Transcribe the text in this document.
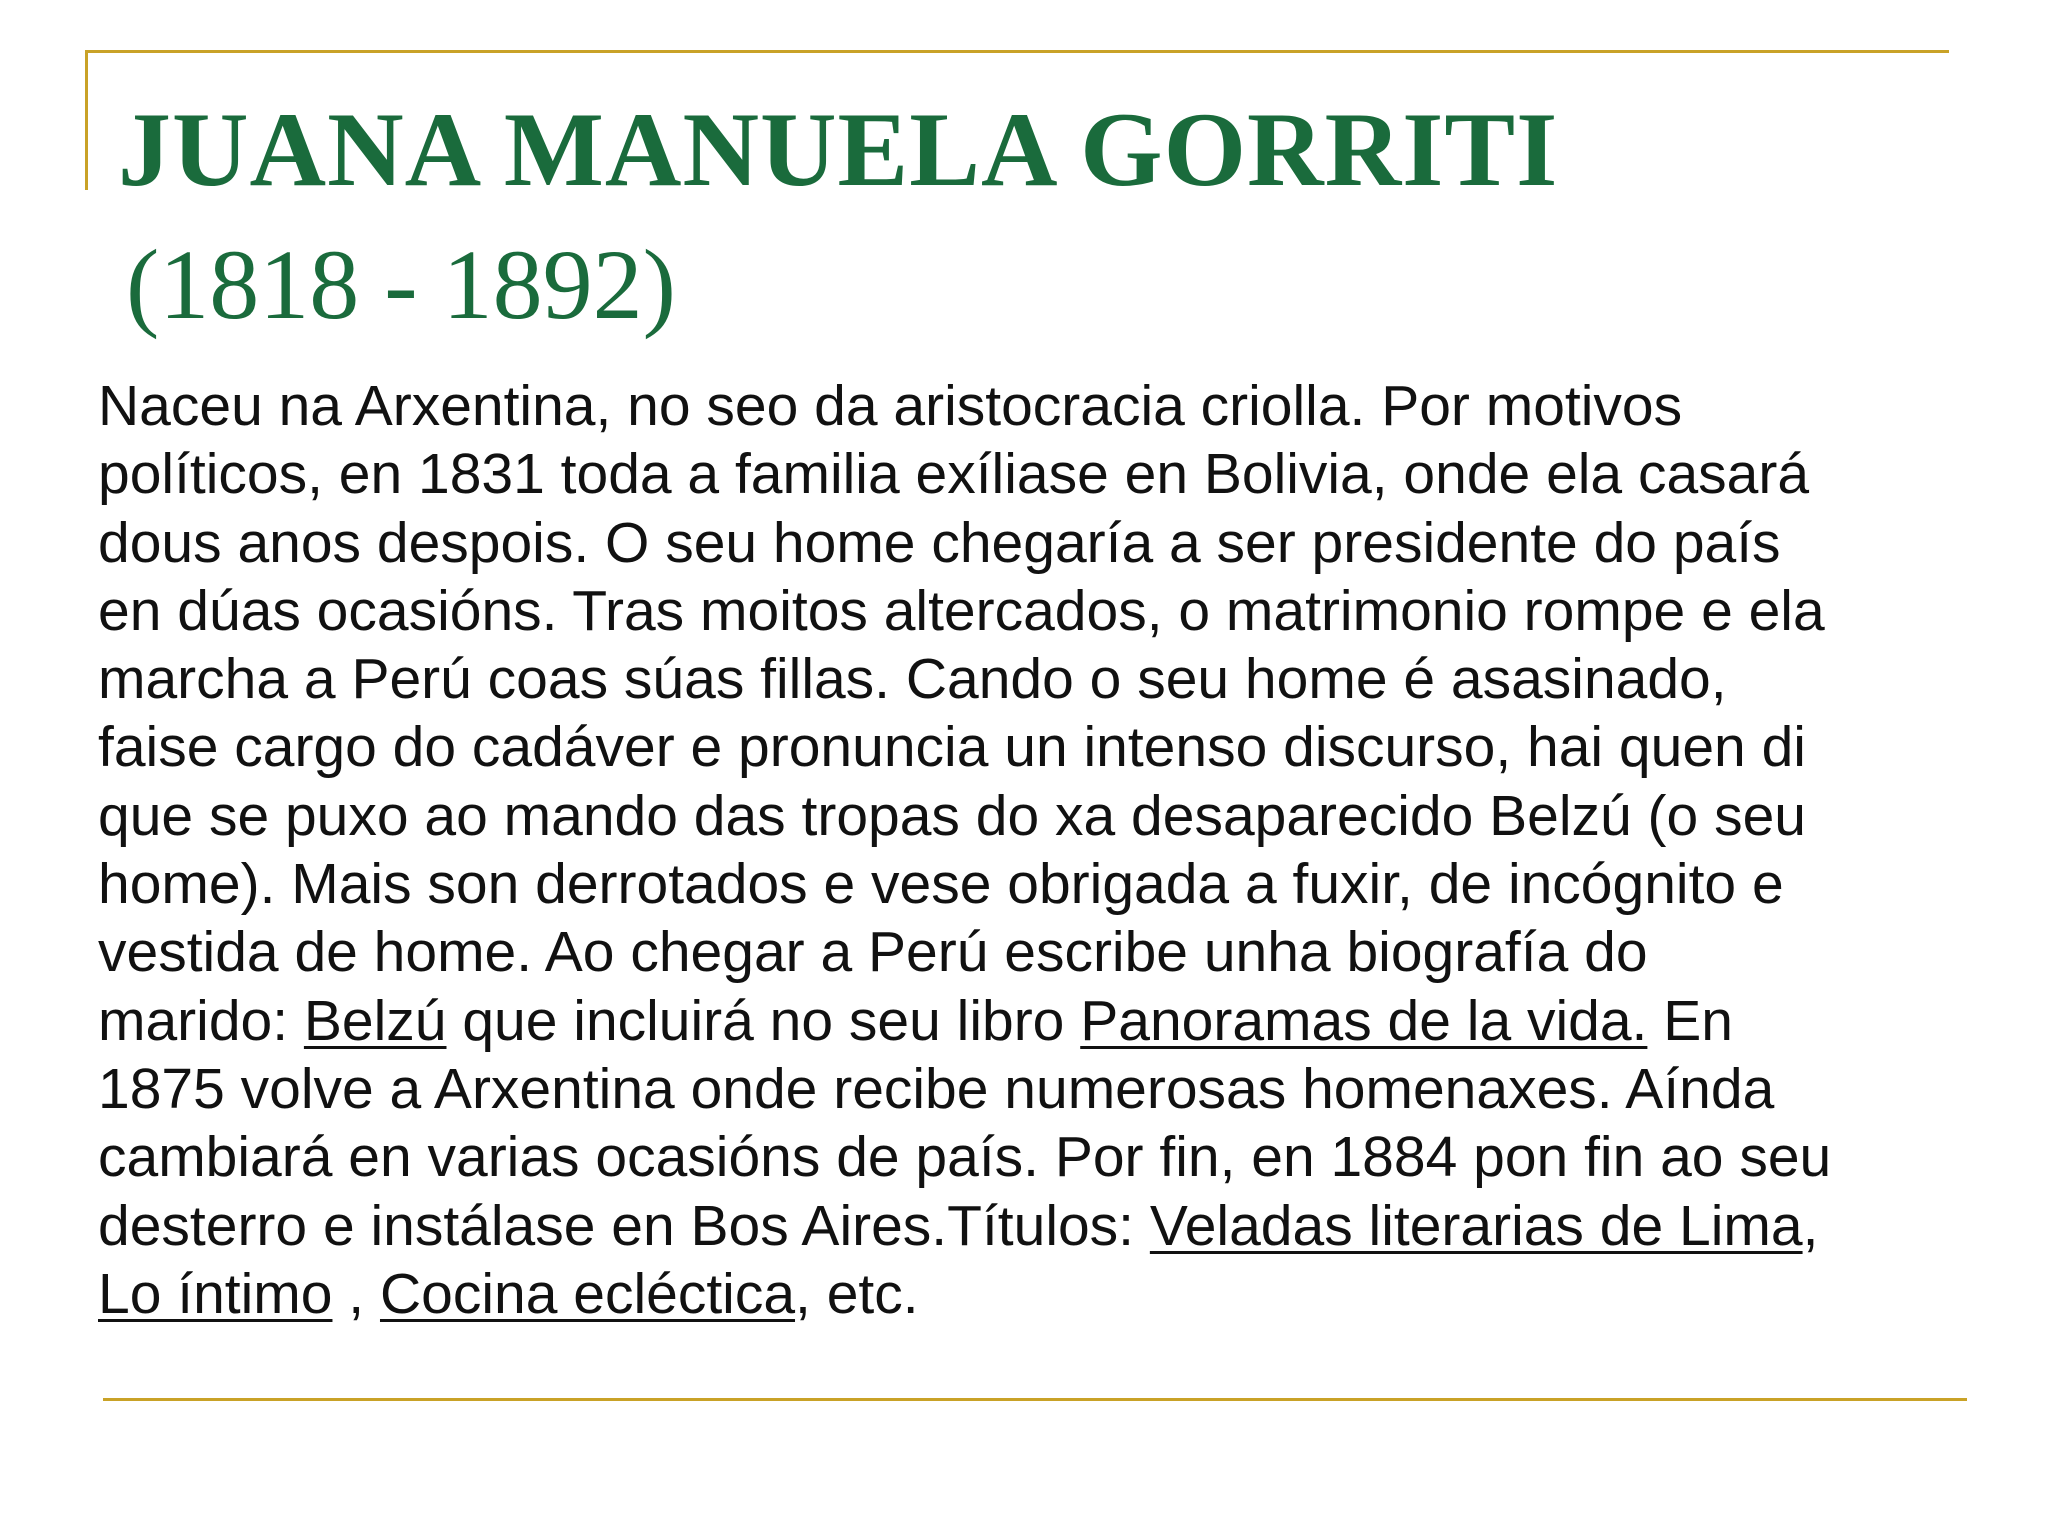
JUANA MANUELA GORRITI
(1818 - 1892)
Naceu na Arxentina, no seo da aristocracia criolla. Por motivos
políticos, en 1831 toda a familia exíliase en Bolivia, onde ela casará
dous anos despois. O seu home chegaría a ser presidente do país
en dúas ocasións. Tras moitos altercados, o matrimonio rompe e ela
marcha a Perú coas súas fillas. Cando o seu home é asasinado,
faise cargo do cadáver e pronuncia un intenso discurso, hai quen di
que se puxo ao mando das tropas do xa desaparecido Belzú (o seu
home). Mais son derrotados e vese obrigada a fuxir, de incógnito e
vestida de home. Ao chegar a Perú escribe unha biografía do
marido: Belzú que incluirá no seu libro Panoramas de la vida. En
1875 volve a Arxentina onde recibe numerosas homenaxes. Aínda
cambiará en varias ocasións de país. Por fin, en 1884 pon fin ao seu
desterro e instálase en Bos Aires.Títulos: Veladas literarias de Lima,
Lo íntimo , Cocina ecléctica, etc.
